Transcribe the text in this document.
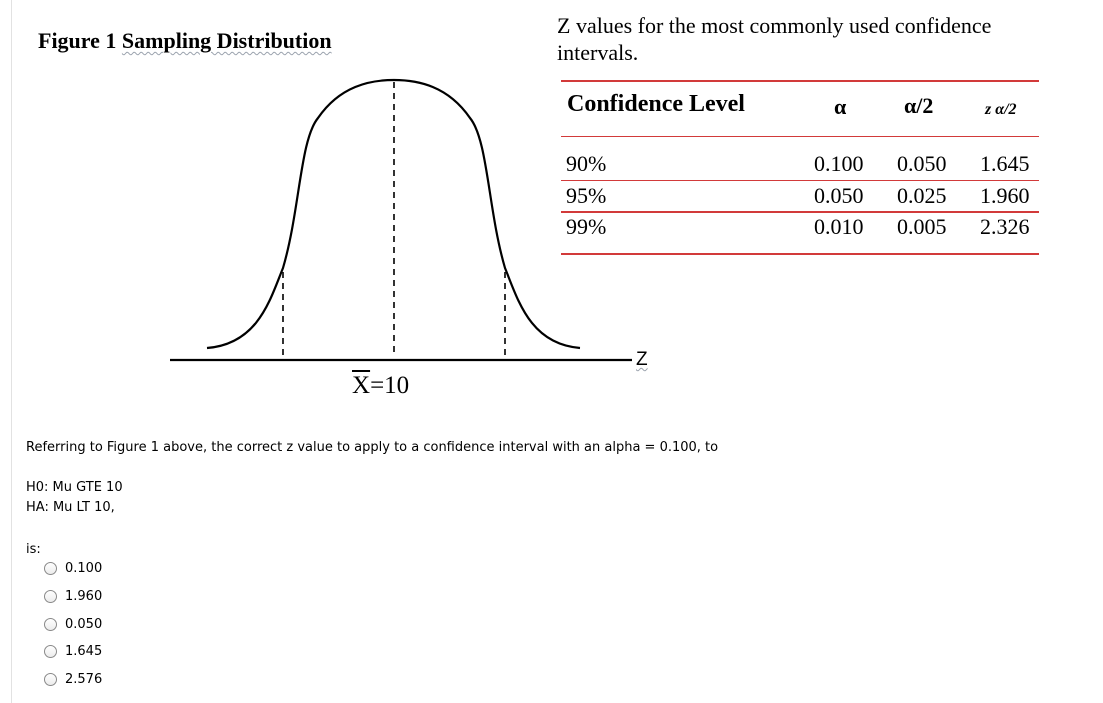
Figure 1 Sampling Distribution
$\overline{X}=10$
Z
Z values for the most commonly used confidence intervals.
Confidence Level	α	α/2	z α/2
90%	0.100 0.050 1.645
95%	0.050 0.025 1.960
99%	0.010 0.005 2.326
Referring to Figure 1 above, the correct z value to apply to a confidence interval with an alpha = 0.100, to
H0: Mu GTE 10
HA: Mu LT 10,
is:
0.100
1.960
0.050
1.645
2.576
